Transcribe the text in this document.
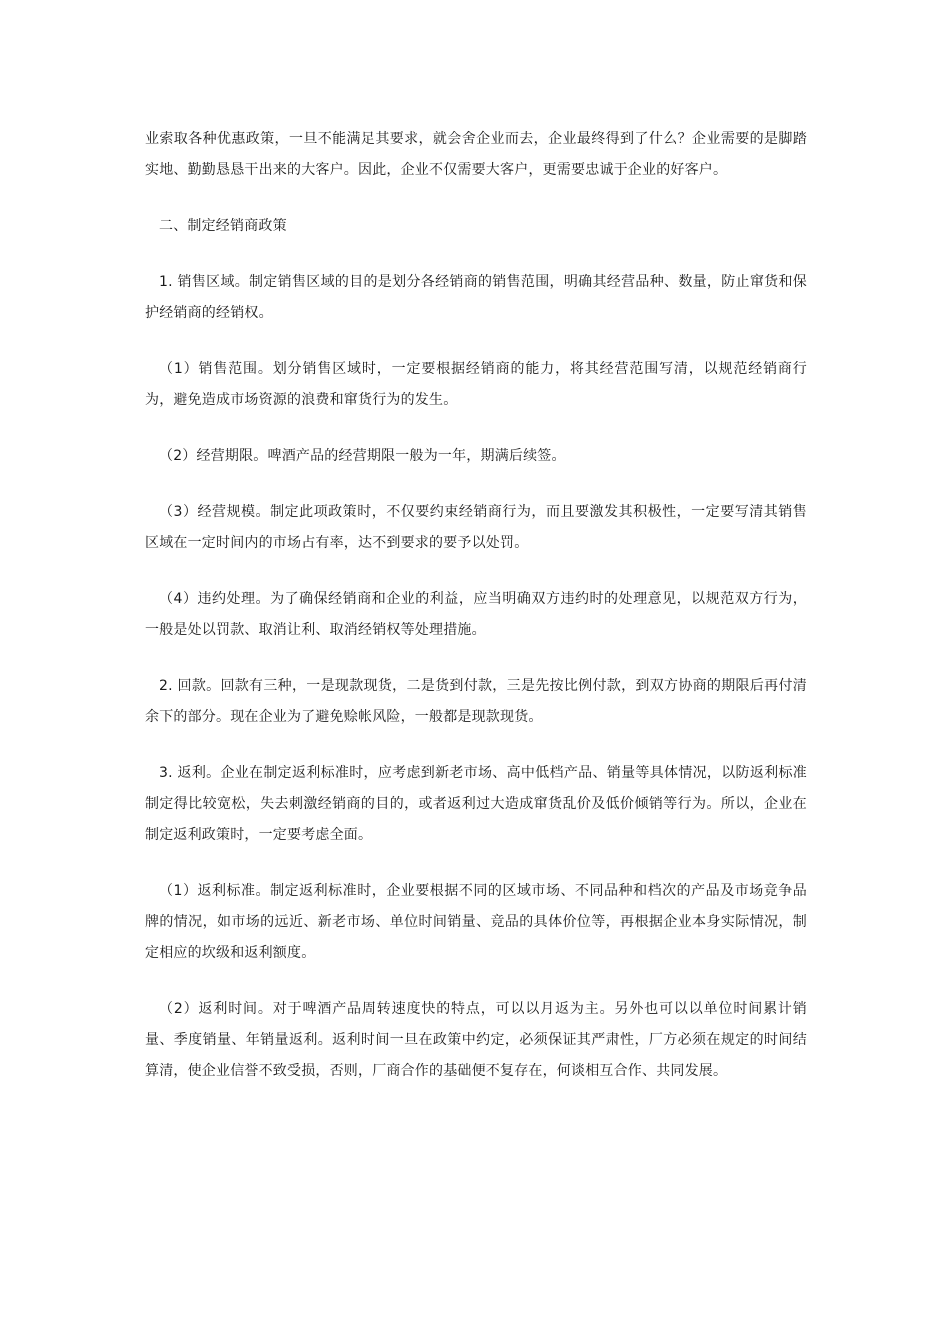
业索取各种优惠政策，一旦不能满足其要求，就会舍企业而去，企业最终得到了什么？企业需要的是脚踏实地、勤勤恳恳干出来的大客户。因此，企业不仅需要大客户，更需要忠诚于企业的好客户。

二、制定经销商政策

1. 销售区域。制定销售区域的目的是划分各经销商的销售范围，明确其经营品种、数量，防止窜货和保护经销商的经销权。

（1）销售范围。划分销售区域时，一定要根据经销商的能力，将其经营范围写清，以规范经销商行为，避免造成市场资源的浪费和窜货行为的发生。

（2）经营期限。啤酒产品的经营期限一般为一年，期满后续签。

（3）经营规模。制定此项政策时，不仅要约束经销商行为，而且要激发其积极性，一定要写清其销售区域在一定时间内的市场占有率，达不到要求的要予以处罚。

（4）违约处理。为了确保经销商和企业的利益，应当明确双方违约时的处理意见，以规范双方行为，一般是处以罚款、取消让利、取消经销权等处理措施。

2. 回款。回款有三种，一是现款现货，二是货到付款，三是先按比例付款，到双方协商的期限后再付清余下的部分。现在企业为了避免赊帐风险，一般都是现款现货。

3. 返利。企业在制定返利标准时，应考虑到新老市场、高中低档产品、销量等具体情况，以防返利标准制定得比较宽松，失去刺激经销商的目的，或者返利过大造成窜货乱价及低价倾销等行为。所以，企业在制定返利政策时，一定要考虑全面。

（1）返利标准。制定返利标准时，企业要根据不同的区域市场、不同品种和档次的产品及市场竞争品牌的情况，如市场的远近、新老市场、单位时间销量、竞品的具体价位等，再根据企业本身实际情况，制定相应的坎级和返利额度。

（2）返利时间。对于啤酒产品周转速度快的特点，可以以月返为主。另外也可以以单位时间累计销量、季度销量、年销量返利。返利时间一旦在政策中约定，必须保证其严肃性，厂方必须在规定的时间结算清，使企业信誉不致受损，否则，厂商合作的基础便不复存在，何谈相互合作、共同发展。
